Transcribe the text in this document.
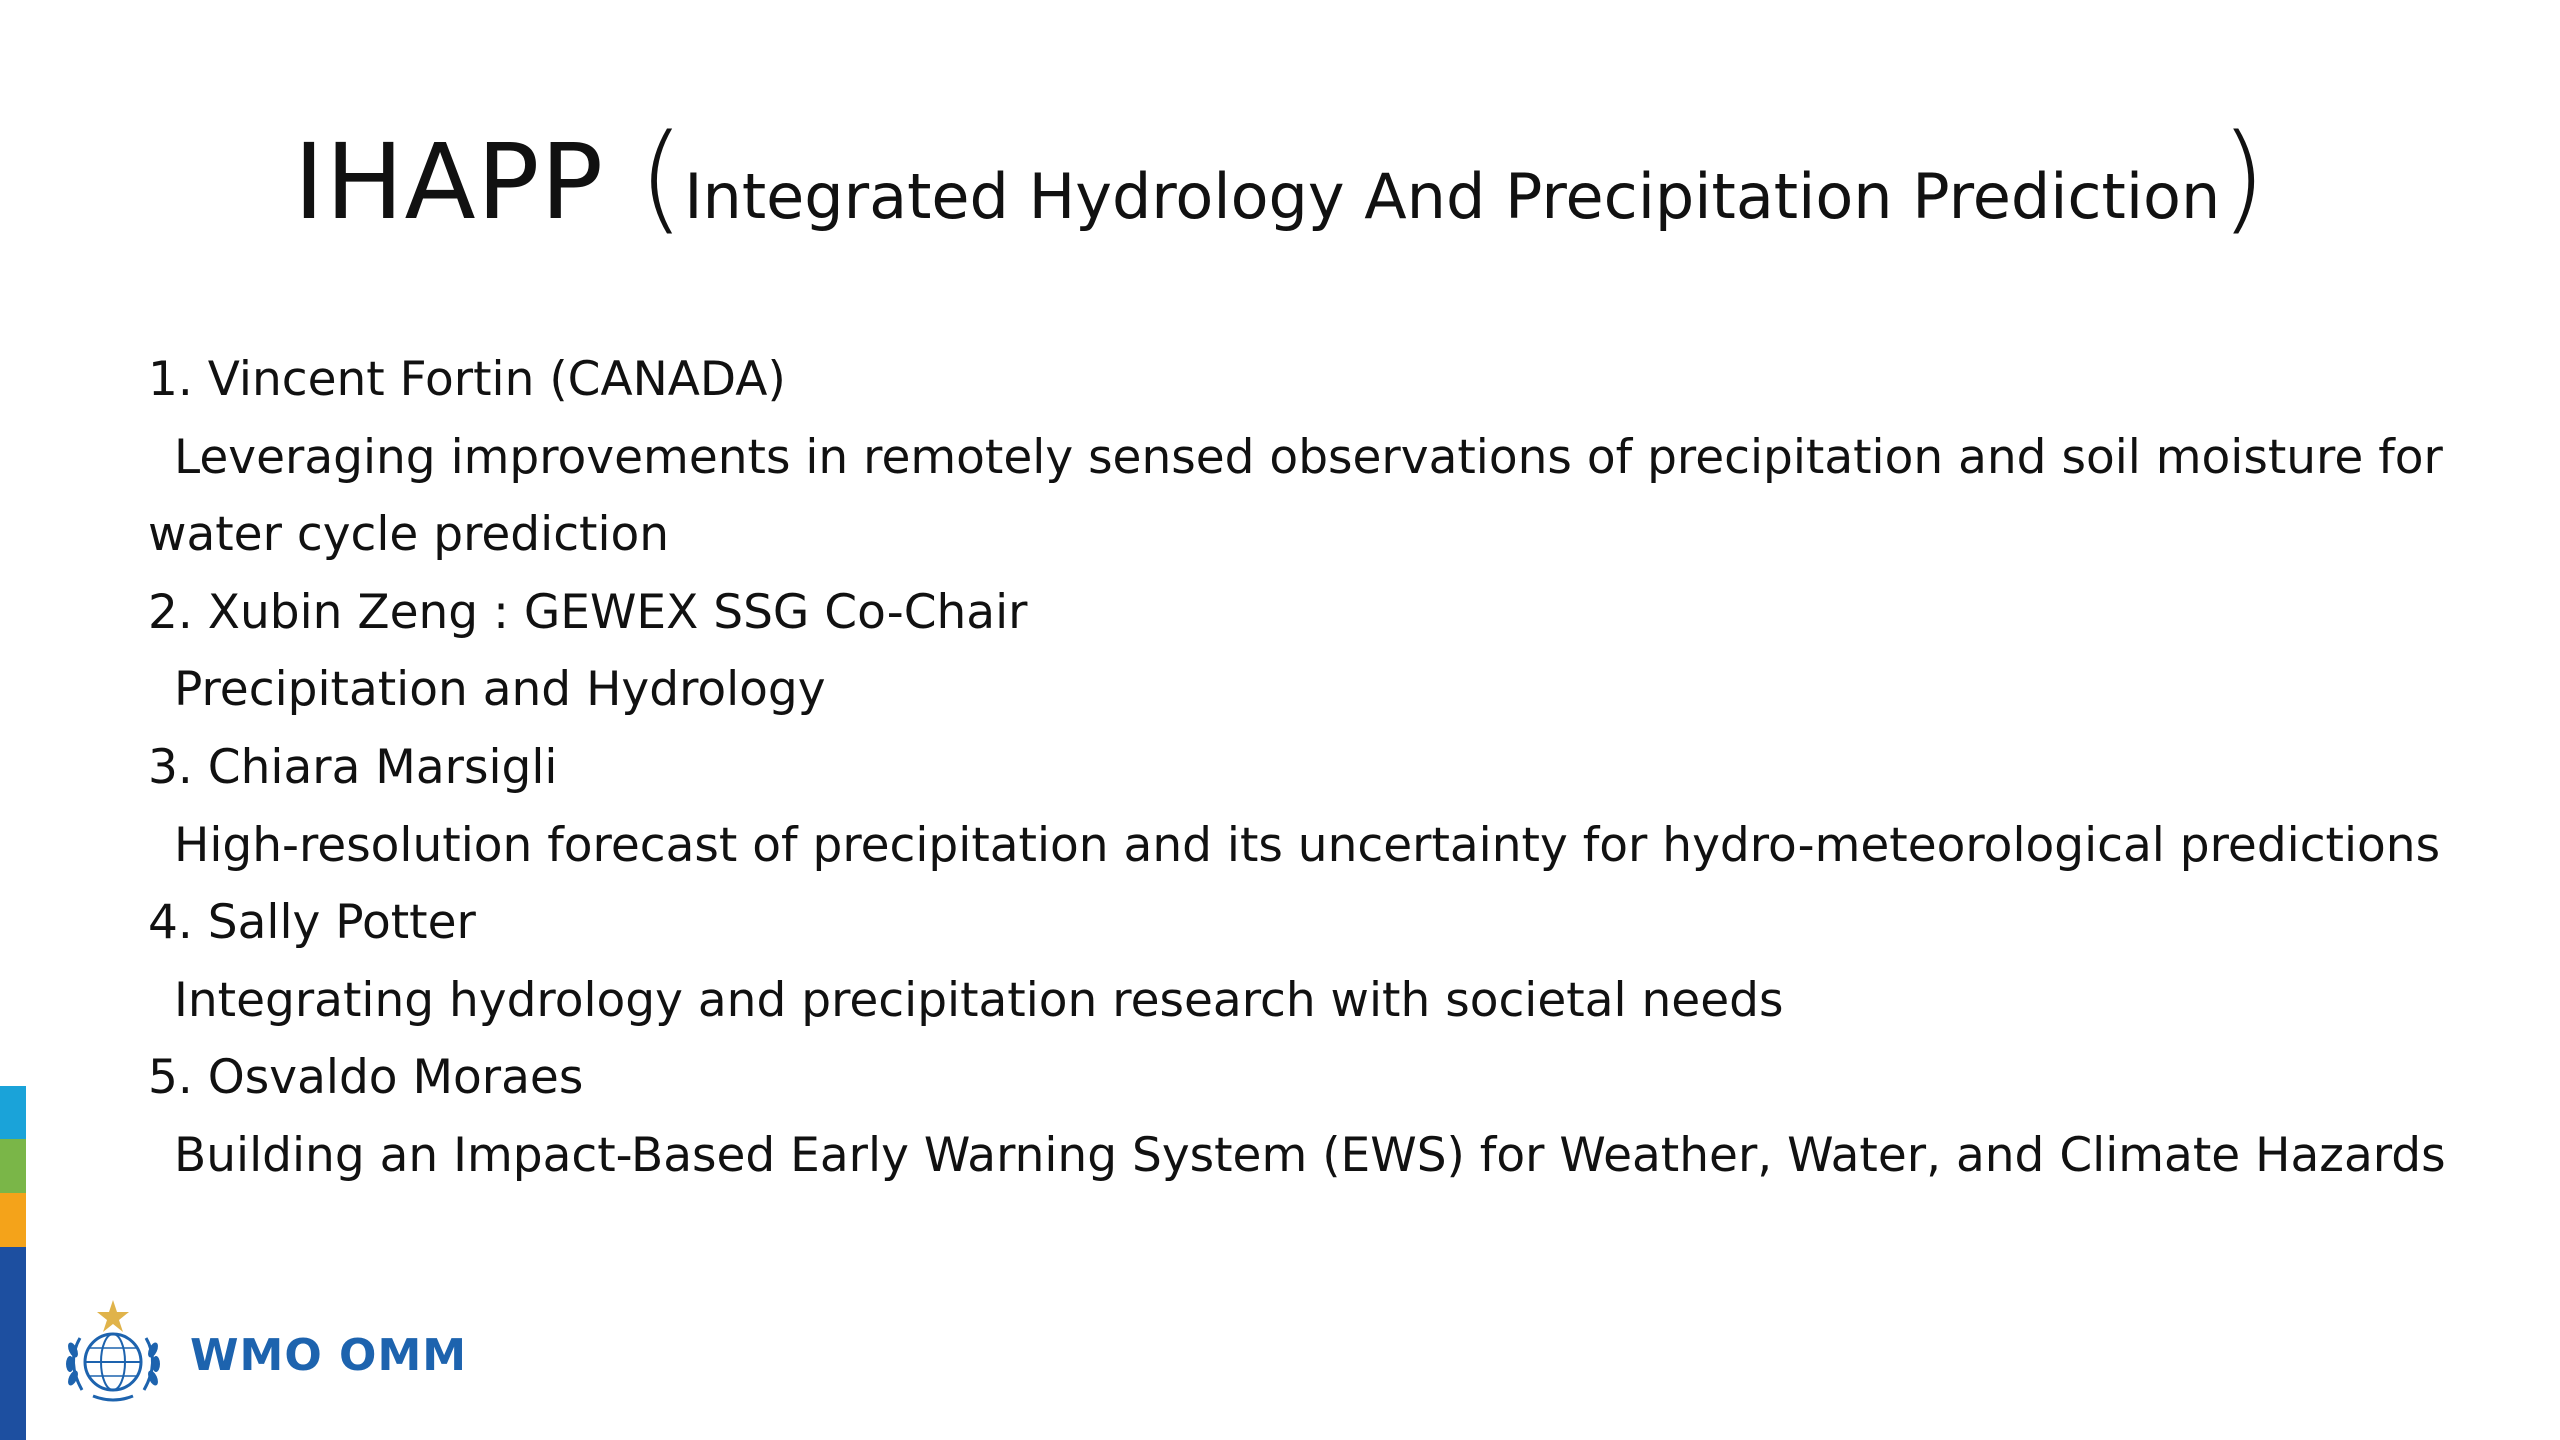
IHAPP (Integrated Hydrology And Precipitation Prediction)
1. Vincent Fortin (CANADA)
Leveraging improvements in remotely sensed observations of precipitation and soil moisture for
water cycle prediction
2. Xubin Zeng : GEWEX SSG Co-Chair
Precipitation and Hydrology
3. Chiara Marsigli
High-resolution forecast of precipitation and its uncertainty for hydro-meteorological predictions
4. Sally Potter
Integrating hydrology and precipitation research with societal needs
5. Osvaldo Moraes
Building an Impact-Based Early Warning System (EWS) for Weather, Water, and Climate Hazards
WMO OMM
